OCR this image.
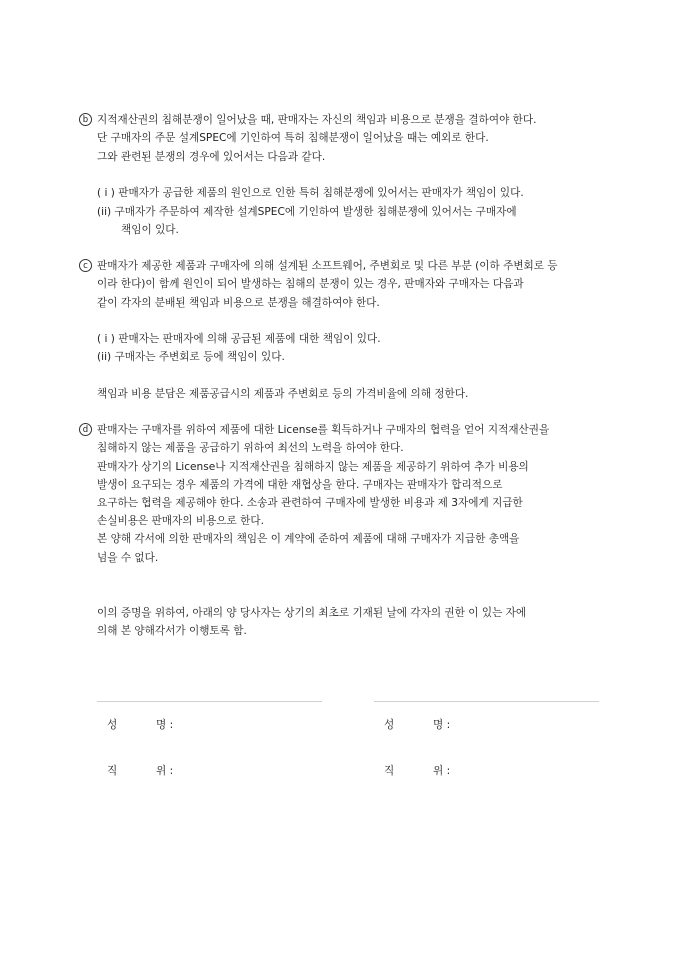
b 지적재산권의 침해분쟁이 일어났을 때, 판매자는 자신의 책임과 비용으로 분쟁을 결하여야 한다.
단 구매자의 주문 설계SPEC에 기인하여 특허 침해분쟁이 일어났을 때는 예외로 한다.
그와 관련된 분쟁의 경우에 있어서는 다음과 같다.
( i ) 판매자가 공급한 제품의 원인으로 인한 특허 침해분쟁에 있어서는 판매자가 책임이 있다.
(ii) 구매자가 주문하여 제작한 설계SPEC에 기인하여 발생한 침해분쟁에 있어서는 구매자에
책임이 있다.
c 판매자가 제공한 제품과 구매자에 의해 설계된 소프트웨어, 주변회로 및 다른 부분 (이하 주변회로 등
이라 한다)이 함께 원인이 되어 발생하는 침해의 분쟁이 있는 경우, 판매자와 구매자는 다음과
같이 각자의 분배된 책임과 비용으로 분쟁을 해결하여야 한다.
( i ) 판매자는 판매자에 의해 공급된 제품에 대한 책임이 있다.
(ii) 구매자는 주변회로 등에 책임이 있다.
책임과 비용 분담은 제품공급시의 제품과 주변회로 등의 가격비율에 의해 정한다.
d 판매자는 구매자를 위하여 제품에 대한 License를 획득하거나 구매자의 협력을 얻어 지적재산권을
침해하지 않는 제품을 공급하기 위하여 최선의 노력을 하여야 한다.
판매자가 상기의 License나 지적재산권을 침해하지 않는 제품을 제공하기 위하여 추가 비용의
발생이 요구되는 경우 제품의 가격에 대한 재협상을 한다. 구매자는 판매자가 합리적으로
요구하는 협력을 제공해야 한다. 소송과 관련하여 구매자에 발생한 비용과 제 3자에게 지급한
손실비용은 판매자의 비용으로 한다.
본 양해 각서에 의한 판매자의 책임은 이 계약에 준하여 제품에 대해 구매자가 지급한 총액을
넘을 수 없다.
이의 증명을 위하여, 아래의 양 당사자는 상기의 최초로 기재된 날에 각자의 권한 이 있는 자에
의해 본 양해각서가 이행토록 함.
성	명 :
직	위 :
성	명 :
직	위 :
